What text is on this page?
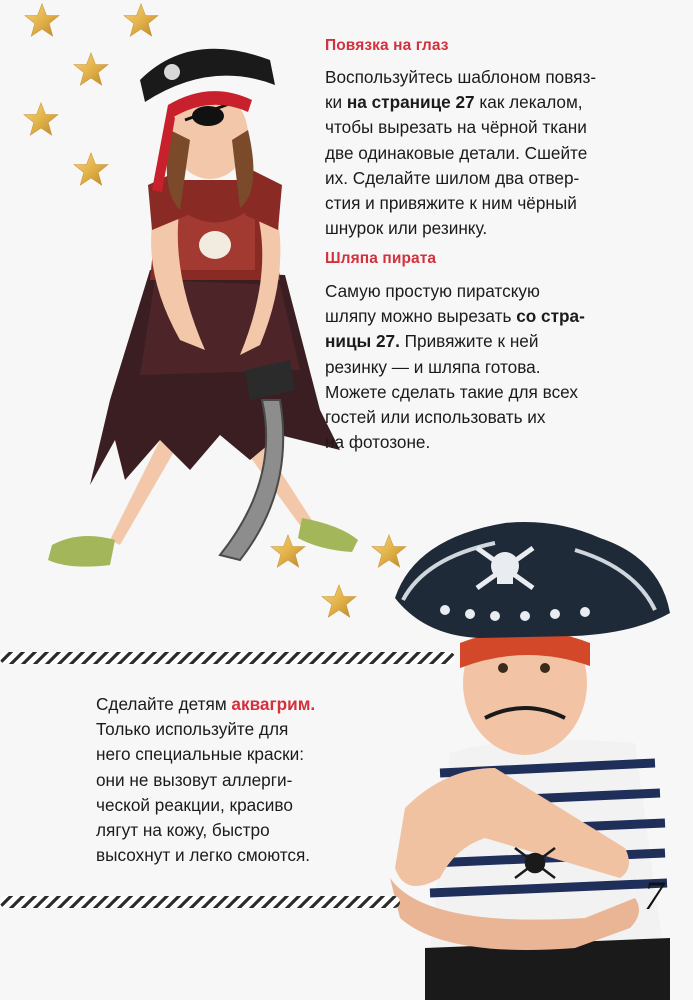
Повязка на глаз
Воспользуйтесь шаблоном повяз-
ки на странице 27 как лекалом,
чтобы вырезать на чёрной ткани
две одинаковые детали. Сшейте
их. Сделайте шилом два отвер-
стия и привяжите к ним чёрный
шнурок или резинку.
Шляпа пирата
Самую простую пиратскую
шляпу можно вырезать со стра-
ницы 27. Привяжите к ней
резинку — и шляпа готова.
Можете сделать такие для всех
гостей или использовать их
на фотозоне.
Сделайте детям аквагрим.
Только используйте для
него специальные краски:
они не вызовут аллерги-
ческой реакции, красиво
лягут на кожу, быстро
высохнут и легко смоются.
7
